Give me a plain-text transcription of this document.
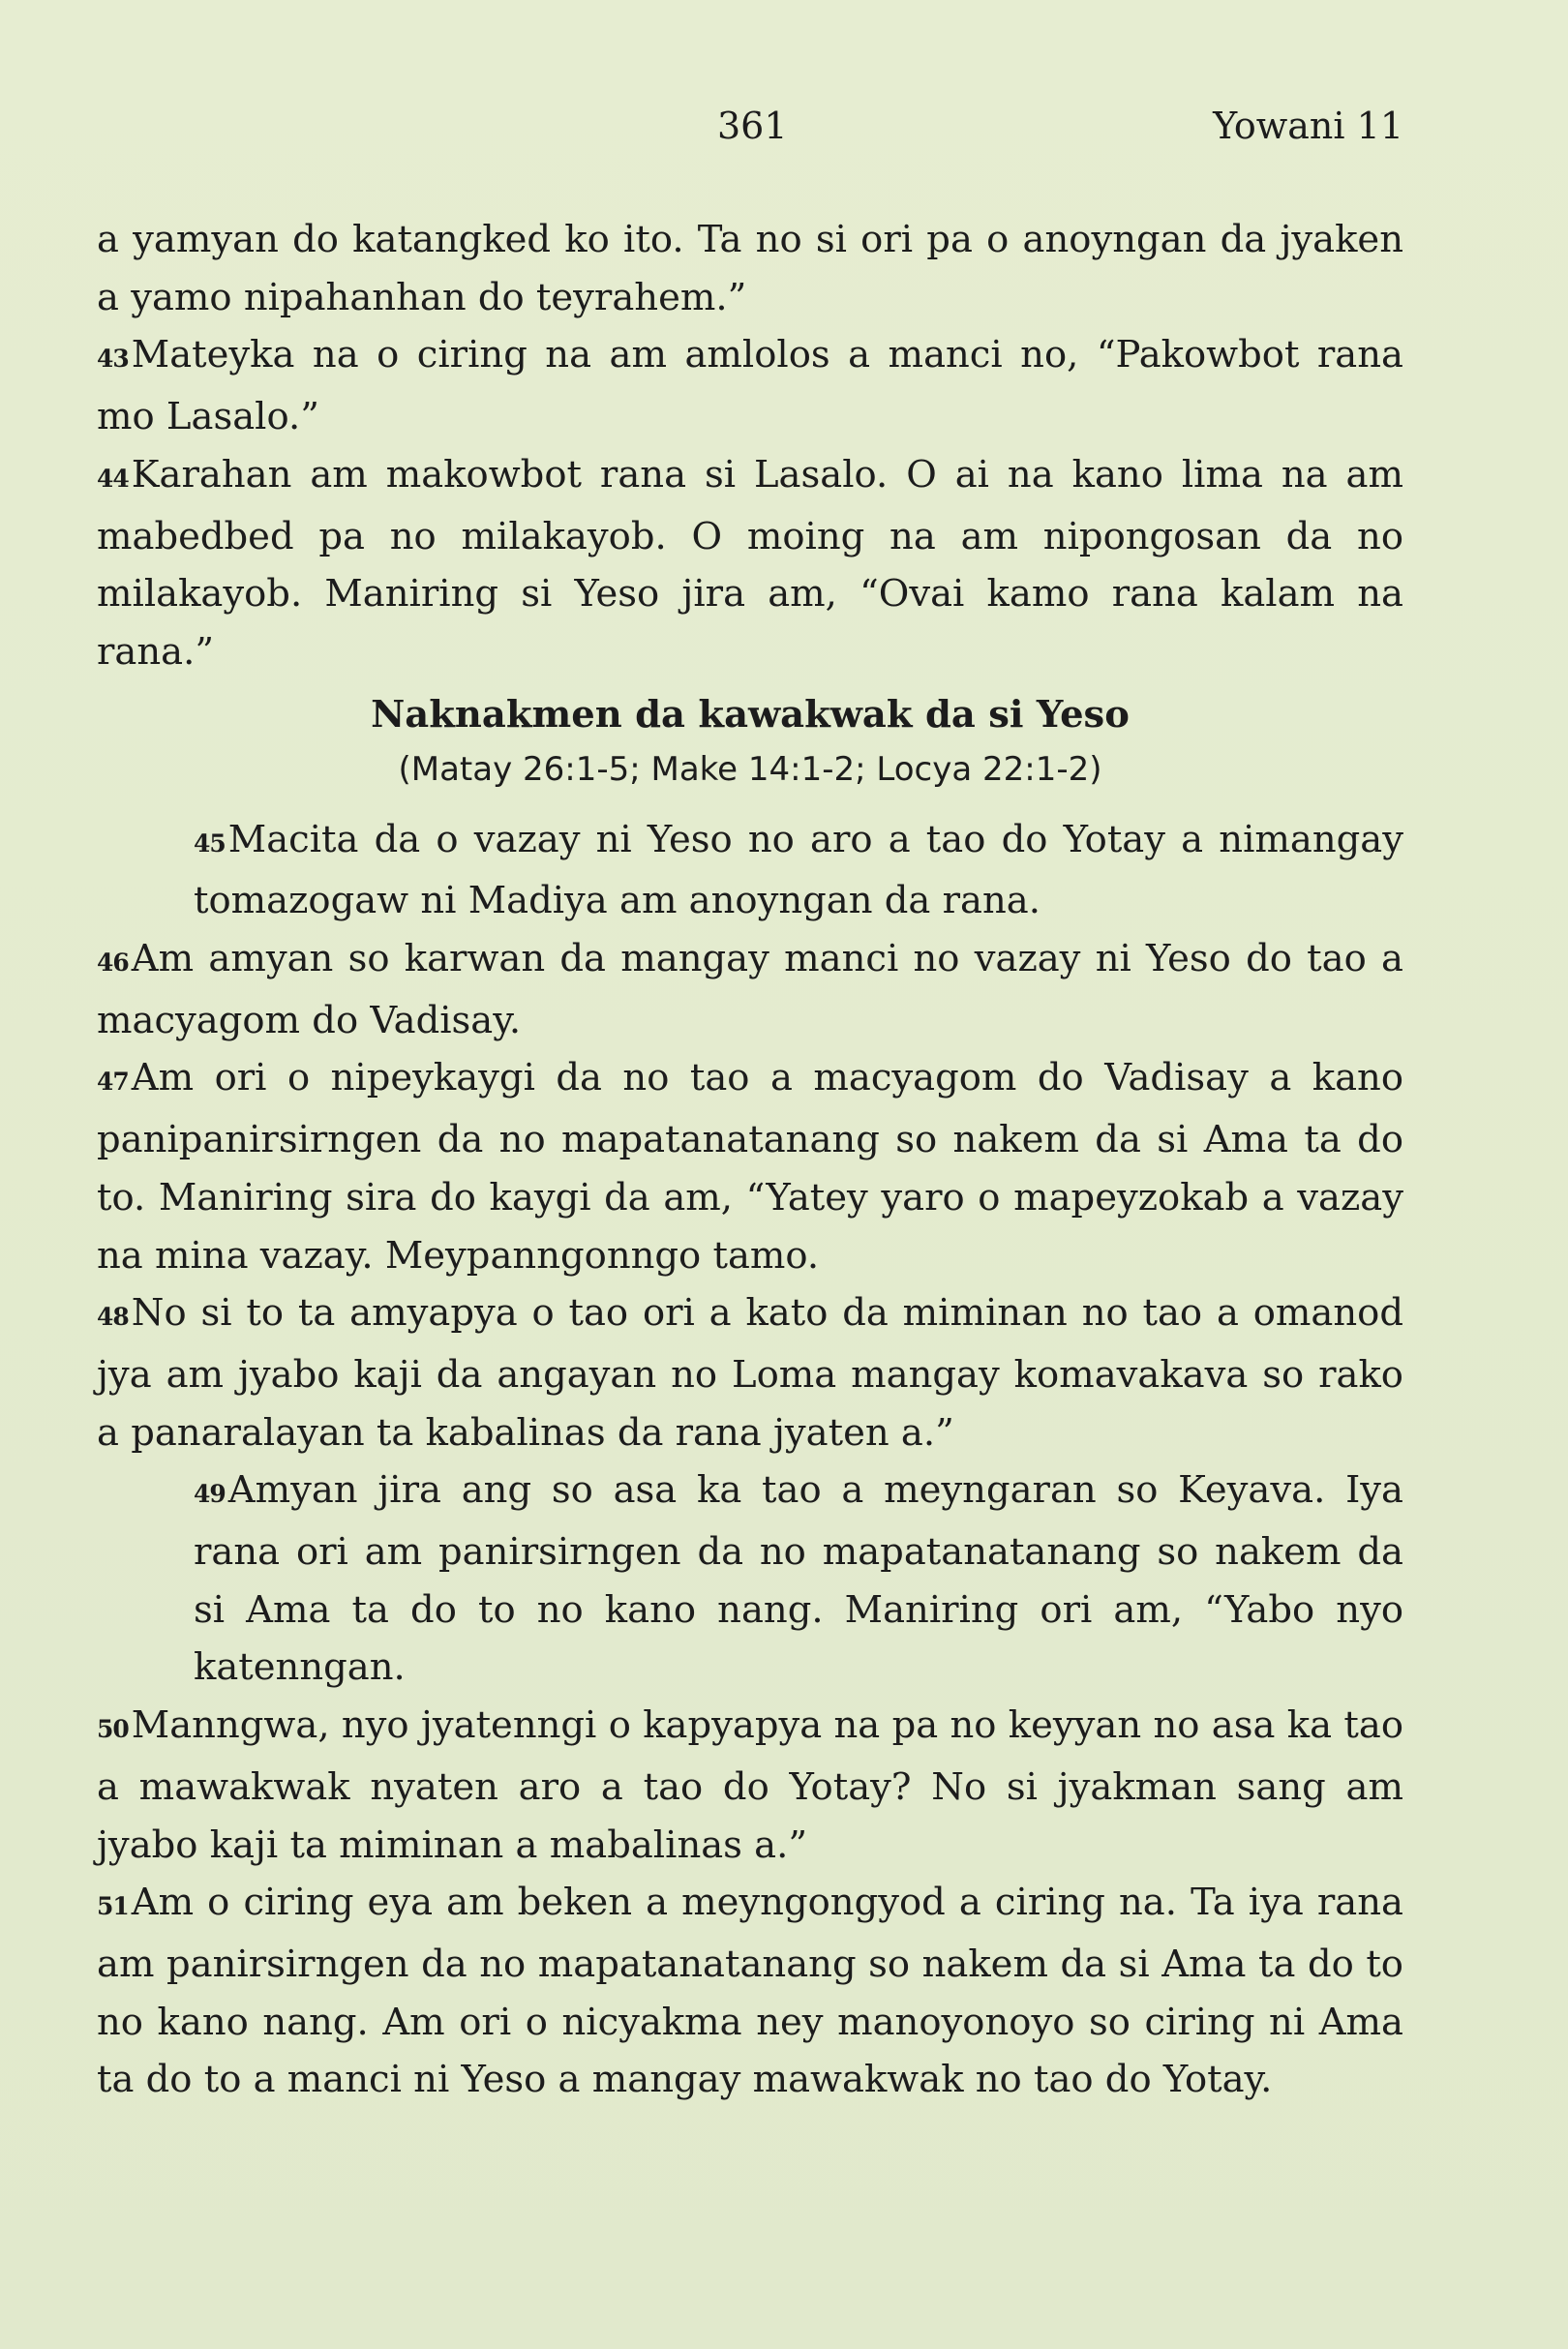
361	Yowani 11

a yamyan do katangked ko ito. Ta no si ori pa o anoyngan da jyaken a yamo nipahanhan do teyrahem.”

43Mateyka na o ciring na am amlolos a manci no, “Pakowbot rana mo Lasalo.”

44Karahan am makowbot rana si Lasalo. O ai na kano lima na am mabedbed pa no milakayob. O moing na am nipongosan da no milakayob. Maniring si Yeso jira am, “Ovai kamo rana kalam na rana.”

Naknakmen da kawakwak da si Yeso
(Matay 26:1-5; Make 14:1-2; Locya 22:1-2)

45Macita da o vazay ni Yeso no aro a tao do Yotay a nimangay tomazogaw ni Madiya am anoyngan da rana.

46Am amyan so karwan da mangay manci no vazay ni Yeso do tao a macyagom do Vadisay.

47Am ori o nipeykaygi da no tao a macyagom do Vadisay a kano panipanirsirngen da no mapatanatanang so nakem da si Ama ta do to. Maniring sira do kaygi da am, “Yatey yaro o mapeyzokab a vazay na mina vazay. Meypanngonngo tamo.

48No si to ta amyapya o tao ori a kato da miminan no tao a omanod jya am jyabo kaji da angayan no Loma mangay komavakava so rako a panaralayan ta kabalinas da rana jyaten a.”

49Amyan jira ang so asa ka tao a meyngaran so Keyava. Iya rana ori am panirsirngen da no mapatanatanang so nakem da si Ama ta do to no kano nang. Maniring ori am, “Yabo nyo katenngan.

50Manngwa, nyo jyatenngi o kapyapya na pa no keyyan no asa ka tao a mawakwak nyaten aro a tao do Yotay? No si jyakman sang am jyabo kaji ta miminan a mabalinas a.”

51Am o ciring eya am beken a meyngongyod a ciring na. Ta iya rana am panirsirngen da no mapatanatanang so nakem da si Ama ta do to no kano nang. Am ori o nicyakma ney manoyonoyo so ciring ni Ama ta do to a manci ni Yeso a mangay mawakwak no tao do Yotay.
